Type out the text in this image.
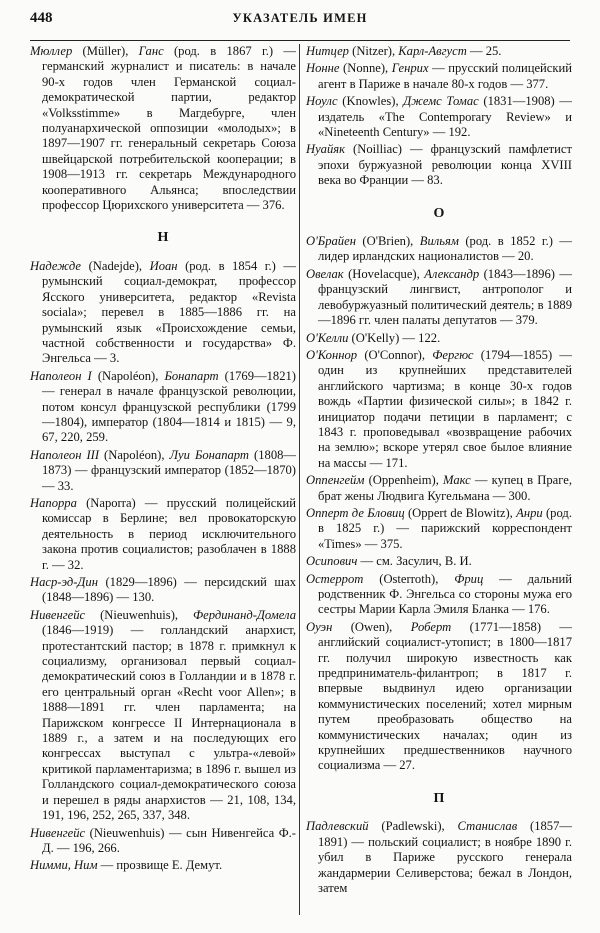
448	УКАЗАТЕЛЬ ИМЕН
Мюллер (Müller), Ганс (род. в 1867 г.) — германский журналист и писатель: в начале 90-х годов член Германской социал-демократической партии, редактор «Volksstimme» в Магдебурге, член полуанархической оппозиции «молодых»; в 1897—1907 гг. генеральный секретарь Союза швейцарской потребительской кооперации; в 1908—1913 гг. секретарь Международного кооперативного Альянса; впоследствии профессор Цюрихского университета — 376.
Н
Надежде (Nadejde), Иоан (род. в 1854 г.) — румынский социал-демократ, профессор Ясского университета, редактор «Revista sociala»; перевел в 1885—1886 гг. на румынский язык «Происхождение семьи, частной собственности и государства» Ф. Энгельса — 3.
Наполеон I (Napoléon), Бонапарт (1769—1821) — генерал в начале французской революции, потом консул французской республики (1799—1804), император (1804—1814 и 1815) — 9, 67, 220, 259.
Наполеон III (Napoléon), Луи Бонапарт (1808—1873) — французский император (1852—1870) — 33.
Напорра (Naporra) — прусский полицейский комиссар в Берлине; вел провокаторскую деятельность в период исключительного закона против социалистов; разоблачен в 1888 г. — 32.
Наср-эд-Дин (1829—1896) — персидский шах (1848—1896) — 130.
Нивенгейс (Nieuwenhuis), Фердинанд-Домела (1846—1919) — голландский анархист, протестантский пастор; в 1878 г. примкнул к социализму, организовал первый социал-демократический союз в Голландии и в 1878 г. его центральный орган «Recht voor Allen»; в 1888—1891 гг. член парламента; на Парижском конгрессе II Интернационала в 1889 г., а затем и на последующих его конгрессах выступал с ультра-«левой» критикой парламентаризма; в 1896 г. вышел из Голландского социал-демократического союза и перешел в ряды анархистов — 21, 108, 134, 191, 196, 252, 265, 337, 348.
Нивенгейс (Nieuwenhuis) — сын Нивенгейса Ф.-Д. — 196, 266.
Нимми, Ним — прозвище Е. Демут.
Нитцер (Nitzer), Карл-Август — 25.
Нонне (Nonne), Генрих — прусский полицейский агент в Париже в начале 80-х годов — 377.
Ноулс (Knowles), Джемс Томас (1831—1908) — издатель «The Contemporary Review» и «Nineteenth Century» — 192.
Нуайяк (Noilliac) — французский памфлетист эпохи буржуазной революции конца XVIII века во Франции — 83.
О
О'Брайен (O'Brien), Вильям (род. в 1852 г.) — лидер ирландских националистов — 20.
Овелак (Hovelacque), Александр (1843—1896) — французский лингвист, антрополог и левобуржуазный политический деятель; в 1889—1896 гг. член палаты депутатов — 379.
О'Келли (O'Kelly) — 122.
О'Коннор (O'Connor), Фергюс (1794—1855) — один из крупнейших представителей английского чартизма; в конце 30-х годов вождь «Партии физической силы»; в 1842 г. инициатор подачи петиции в парламент; с 1843 г. проповедывал «возвращение рабочих на землю»; вскоре утерял свое былое влияние на массы — 171.
Оппенгейм (Oppenheim), Макс — купец в Праге, брат жены Людвига Кугельмана — 300.
Опперт де Бловиц (Oppert de Blowitz), Анри (род. в 1825 г.) — парижский корреспондент «Times» — 375.
Осипович — см. Засулич, В. И.
Остеррот (Osterroth), Фриц — дальний родственник Ф. Энгельса со стороны мужа его сестры Марии Карла Эмиля Бланка — 176.
Оуэн (Owen), Роберт (1771—1858) — английский социалист-утопист; в 1800—1817 гг. получил широкую известность как предприниматель-филантроп; в 1817 г. впервые выдвинул идею организации коммунистических поселений; хотел мирным путем преобразовать общество на коммунистических началах; один из крупнейших предшественников научного социализма — 27.
П
Падлевский (Padlewski), Станислав (1857—1891) — польский социалист; в ноябре 1890 г. убил в Париже русского генерала жандармерии Селиверстова; бежал в Лондон, затем
